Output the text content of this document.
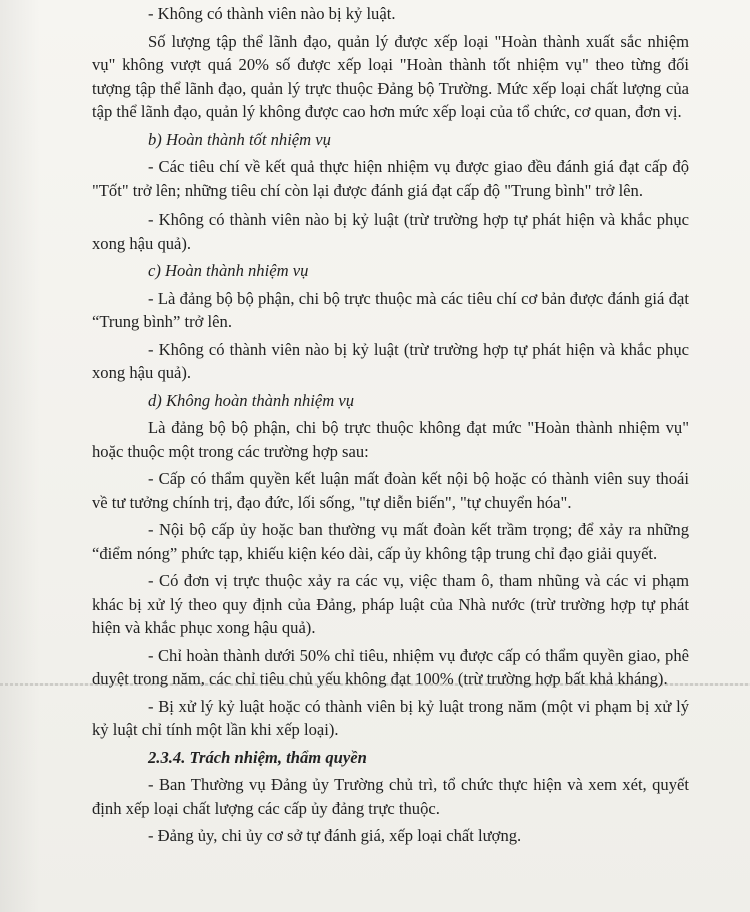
- Không có thành viên nào bị kỷ luật.

Số lượng tập thể lãnh đạo, quản lý được xếp loại "Hoàn thành xuất sắc nhiệm vụ" không vượt quá 20% số được xếp loại "Hoàn thành tốt nhiệm vụ" theo từng đối tượng tập thể lãnh đạo, quản lý trực thuộc Đảng bộ Trường. Mức xếp loại chất lượng của tập thể lãnh đạo, quản lý không được cao hơn mức xếp loại của tổ chức, cơ quan, đơn vị.

b) Hoàn thành tốt nhiệm vụ

- Các tiêu chí về kết quả thực hiện nhiệm vụ được giao đều đánh giá đạt cấp độ "Tốt" trở lên; những tiêu chí còn lại được đánh giá đạt cấp độ "Trung bình" trở lên.

- Không có thành viên nào bị kỷ luật (trừ trường hợp tự phát hiện và khắc phục xong hậu quả).

c) Hoàn thành nhiệm vụ

- Là đảng bộ bộ phận, chi bộ trực thuộc mà các tiêu chí cơ bản được đánh giá đạt “Trung bình” trở lên.

- Không có thành viên nào bị kỷ luật (trừ trường hợp tự phát hiện và khắc phục xong hậu quả).

d) Không hoàn thành nhiệm vụ

Là đảng bộ bộ phận, chi bộ trực thuộc không đạt mức "Hoàn thành nhiệm vụ" hoặc thuộc một trong các trường hợp sau:

- Cấp có thẩm quyền kết luận mất đoàn kết nội bộ hoặc có thành viên suy thoái về tư tưởng chính trị, đạo đức, lối sống, "tự diễn biến", "tự chuyển hóa".

- Nội bộ cấp ủy hoặc ban thường vụ mất đoàn kết trầm trọng; để xảy ra những “điểm nóng” phức tạp, khiếu kiện kéo dài, cấp ủy không tập trung chỉ đạo giải quyết.

- Có đơn vị trực thuộc xảy ra các vụ, việc tham ô, tham nhũng và các vi phạm khác bị xử lý theo quy định của Đảng, pháp luật của Nhà nước (trừ trường hợp tự phát hiện và khắc phục xong hậu quả).

- Chỉ hoàn thành dưới 50% chỉ tiêu, nhiệm vụ được cấp có thẩm quyền giao, phê duyệt trong năm, các chỉ tiêu chủ yếu không đạt 100% (trừ trường hợp bất khả kháng).

- Bị xử lý kỷ luật hoặc có thành viên bị kỷ luật trong năm (một vi phạm bị xử lý kỷ luật chỉ tính một lần khi xếp loại).

2.3.4. Trách nhiệm, thẩm quyền

- Ban Thường vụ Đảng ủy Trường chủ trì, tổ chức thực hiện và xem xét, quyết định xếp loại chất lượng các cấp ủy đảng trực thuộc.

- Đảng ủy, chi ủy cơ sở tự đánh giá, xếp loại chất lượng.
